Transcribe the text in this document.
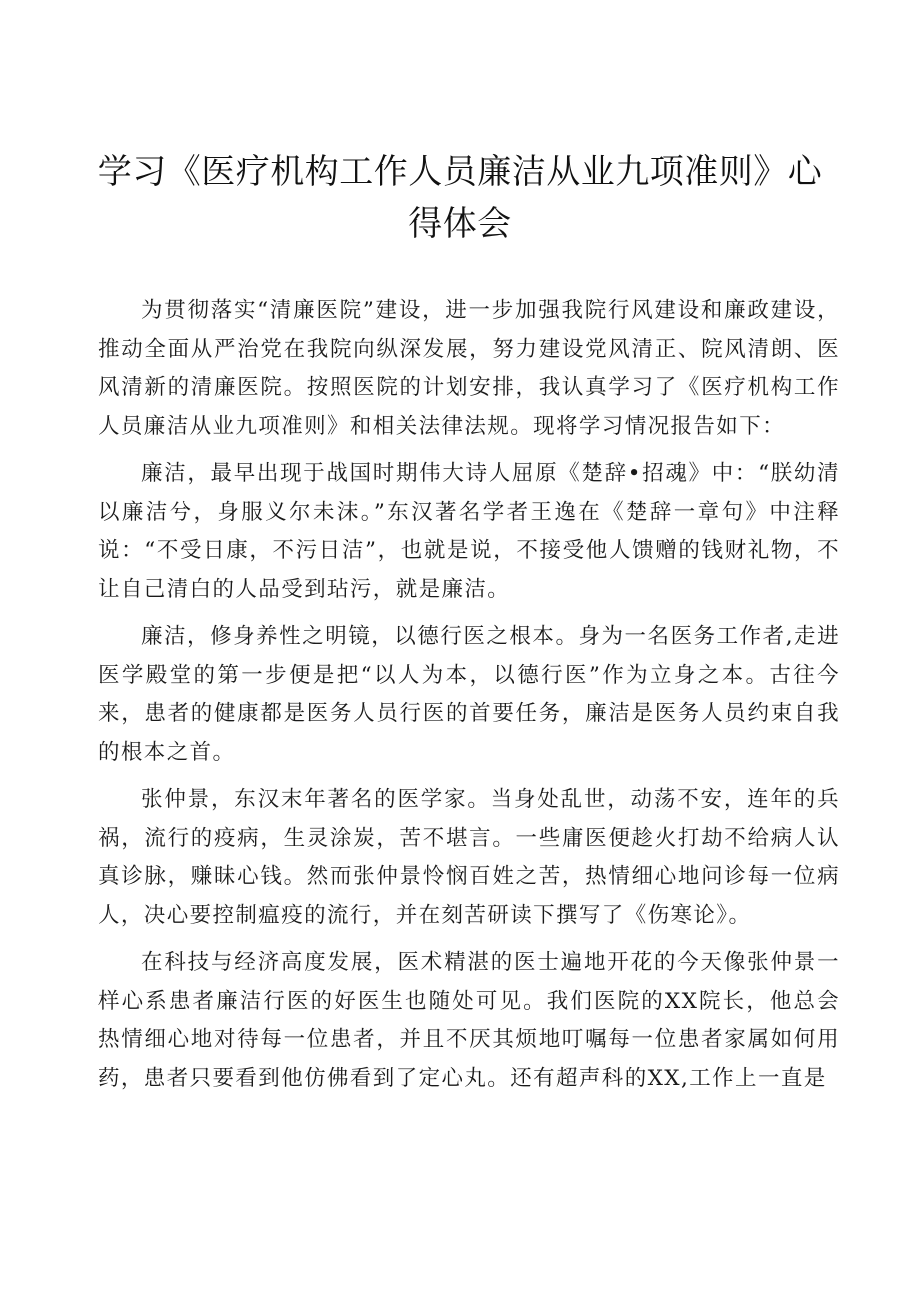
学习《医疗机构工作人员廉洁从业九项准则》心得体会

为贯彻落实“清廉医院”建设，进一步加强我院行风建设和廉政建设，推动全面从严治党在我院向纵深发展，努力建设党风清正、院风清朗、医风清新的清廉医院。按照医院的计划安排，我认真学习了《医疗机构工作人员廉洁从业九项准则》和相关法律法规。现将学习情况报告如下：

廉洁，最早出现于战国时期伟大诗人屈原《楚辞•招魂》中：“朕幼清以廉洁兮，身服义尔未沫。”东汉著名学者王逸在《楚辞一章句》中注释说：“不受日康，不污日洁”，也就是说，不接受他人馈赠的钱财礼物，不让自己清白的人品受到玷污，就是廉洁。

廉洁，修身养性之明镜，以德行医之根本。身为一名医务工作者,走进医学殿堂的第一步便是把“以人为本，以德行医”作为立身之本。古往今来，患者的健康都是医务人员行医的首要任务，廉洁是医务人员约束自我的根本之首。

张仲景，东汉末年著名的医学家。当身处乱世，动荡不安，连年的兵祸，流行的疫病，生灵涂炭，苦不堪言。一些庸医便趁火打劫不给病人认真诊脉，赚昧心钱。然而张仲景怜悯百姓之苦，热情细心地问诊每一位病人，决心要控制瘟疫的流行，并在刻苦研读下撰写了《伤寒论》。

在科技与经济高度发展，医术精湛的医士遍地开花的今天像张仲景一样心系患者廉洁行医的好医生也随处可见。我们医院的XX院长，他总会热情细心地对待每一位患者，并且不厌其烦地叮嘱每一位患者家属如何用药，患者只要看到他仿佛看到了定心丸。还有超声科的XX,工作上一直是
